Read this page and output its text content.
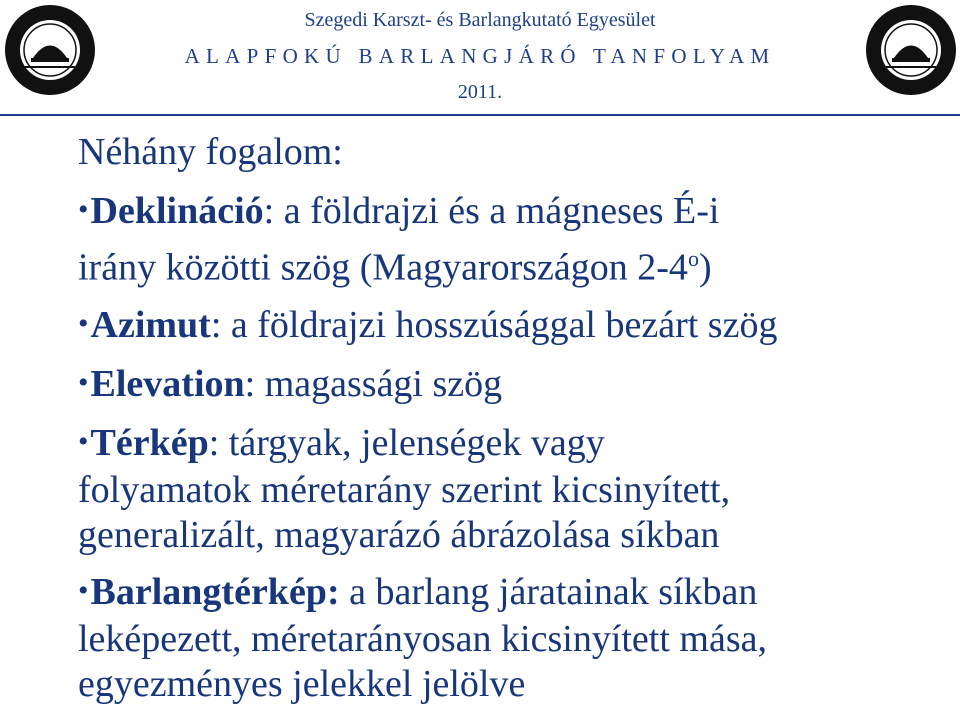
Szegedi Karszt- és Barlangkutató Egyesület
ALAPFOKÚ BARLANGJÁRÓ TANFOLYAM
2011.

Néhány fogalom:

•Deklináció: a földrajzi és a mágneses É-i

irány közötti szög (Magyarországon 2-4$^o$)

•Azimut: a földrajzi hosszúsággal bezárt szög

•Elevation: magassági szög

•Térkép: tárgyak, jelenségek vagy

folyamatok méretarány szerint kicsinyített,

generalizált, magyarázó ábrázolása síkban

•Barlangtérkép: a barlang járatainak síkban

leképezett, méretarányosan kicsinyített mása,

egyezményes jelekkel jelölve
